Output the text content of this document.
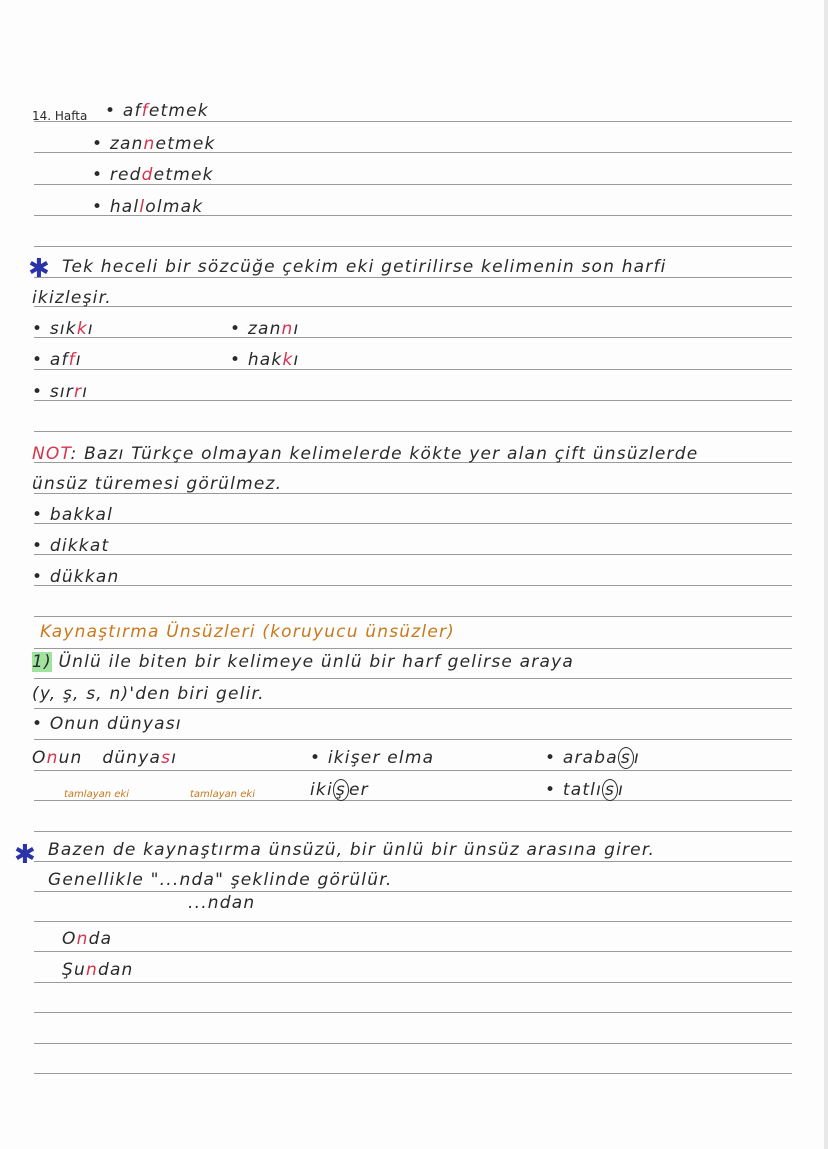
14. Hafta
✱
✱
• affetmek
• zannetmek
• reddetmek
• hallolmak
Tek heceli bir sözcüğe çekim eki getirilirse kelimenin son harfi
ikizleşir.
• sıkkı	• zannı
• affı	• hakkı
• sırrı
NOT: Bazı Türkçe olmayan kelimelerde kökte yer alan çift ünsüzlerde
ünsüz türemesi görülmez.
• bakkal
• dikkat
• dükkan
Kaynaştırma Ünsüzleri (koruyucu ünsüzler)
1) Ünlü ile biten bir kelimeye ünlü bir harf gelirse araya
(y, ş, s, n)'den biri gelir.
• Onun dünyası
Onun   dünyası	• ikişer elma	• araba s ı
tamlayan eki	tamlayan eki	iki ş er	• tatlı s ı
Bazen de kaynaştırma ünsüzü, bir ünlü bir ünsüz arasına girer.
Genellikle "...nda" şeklinde görülür.
...ndan
Onda
Şundan
